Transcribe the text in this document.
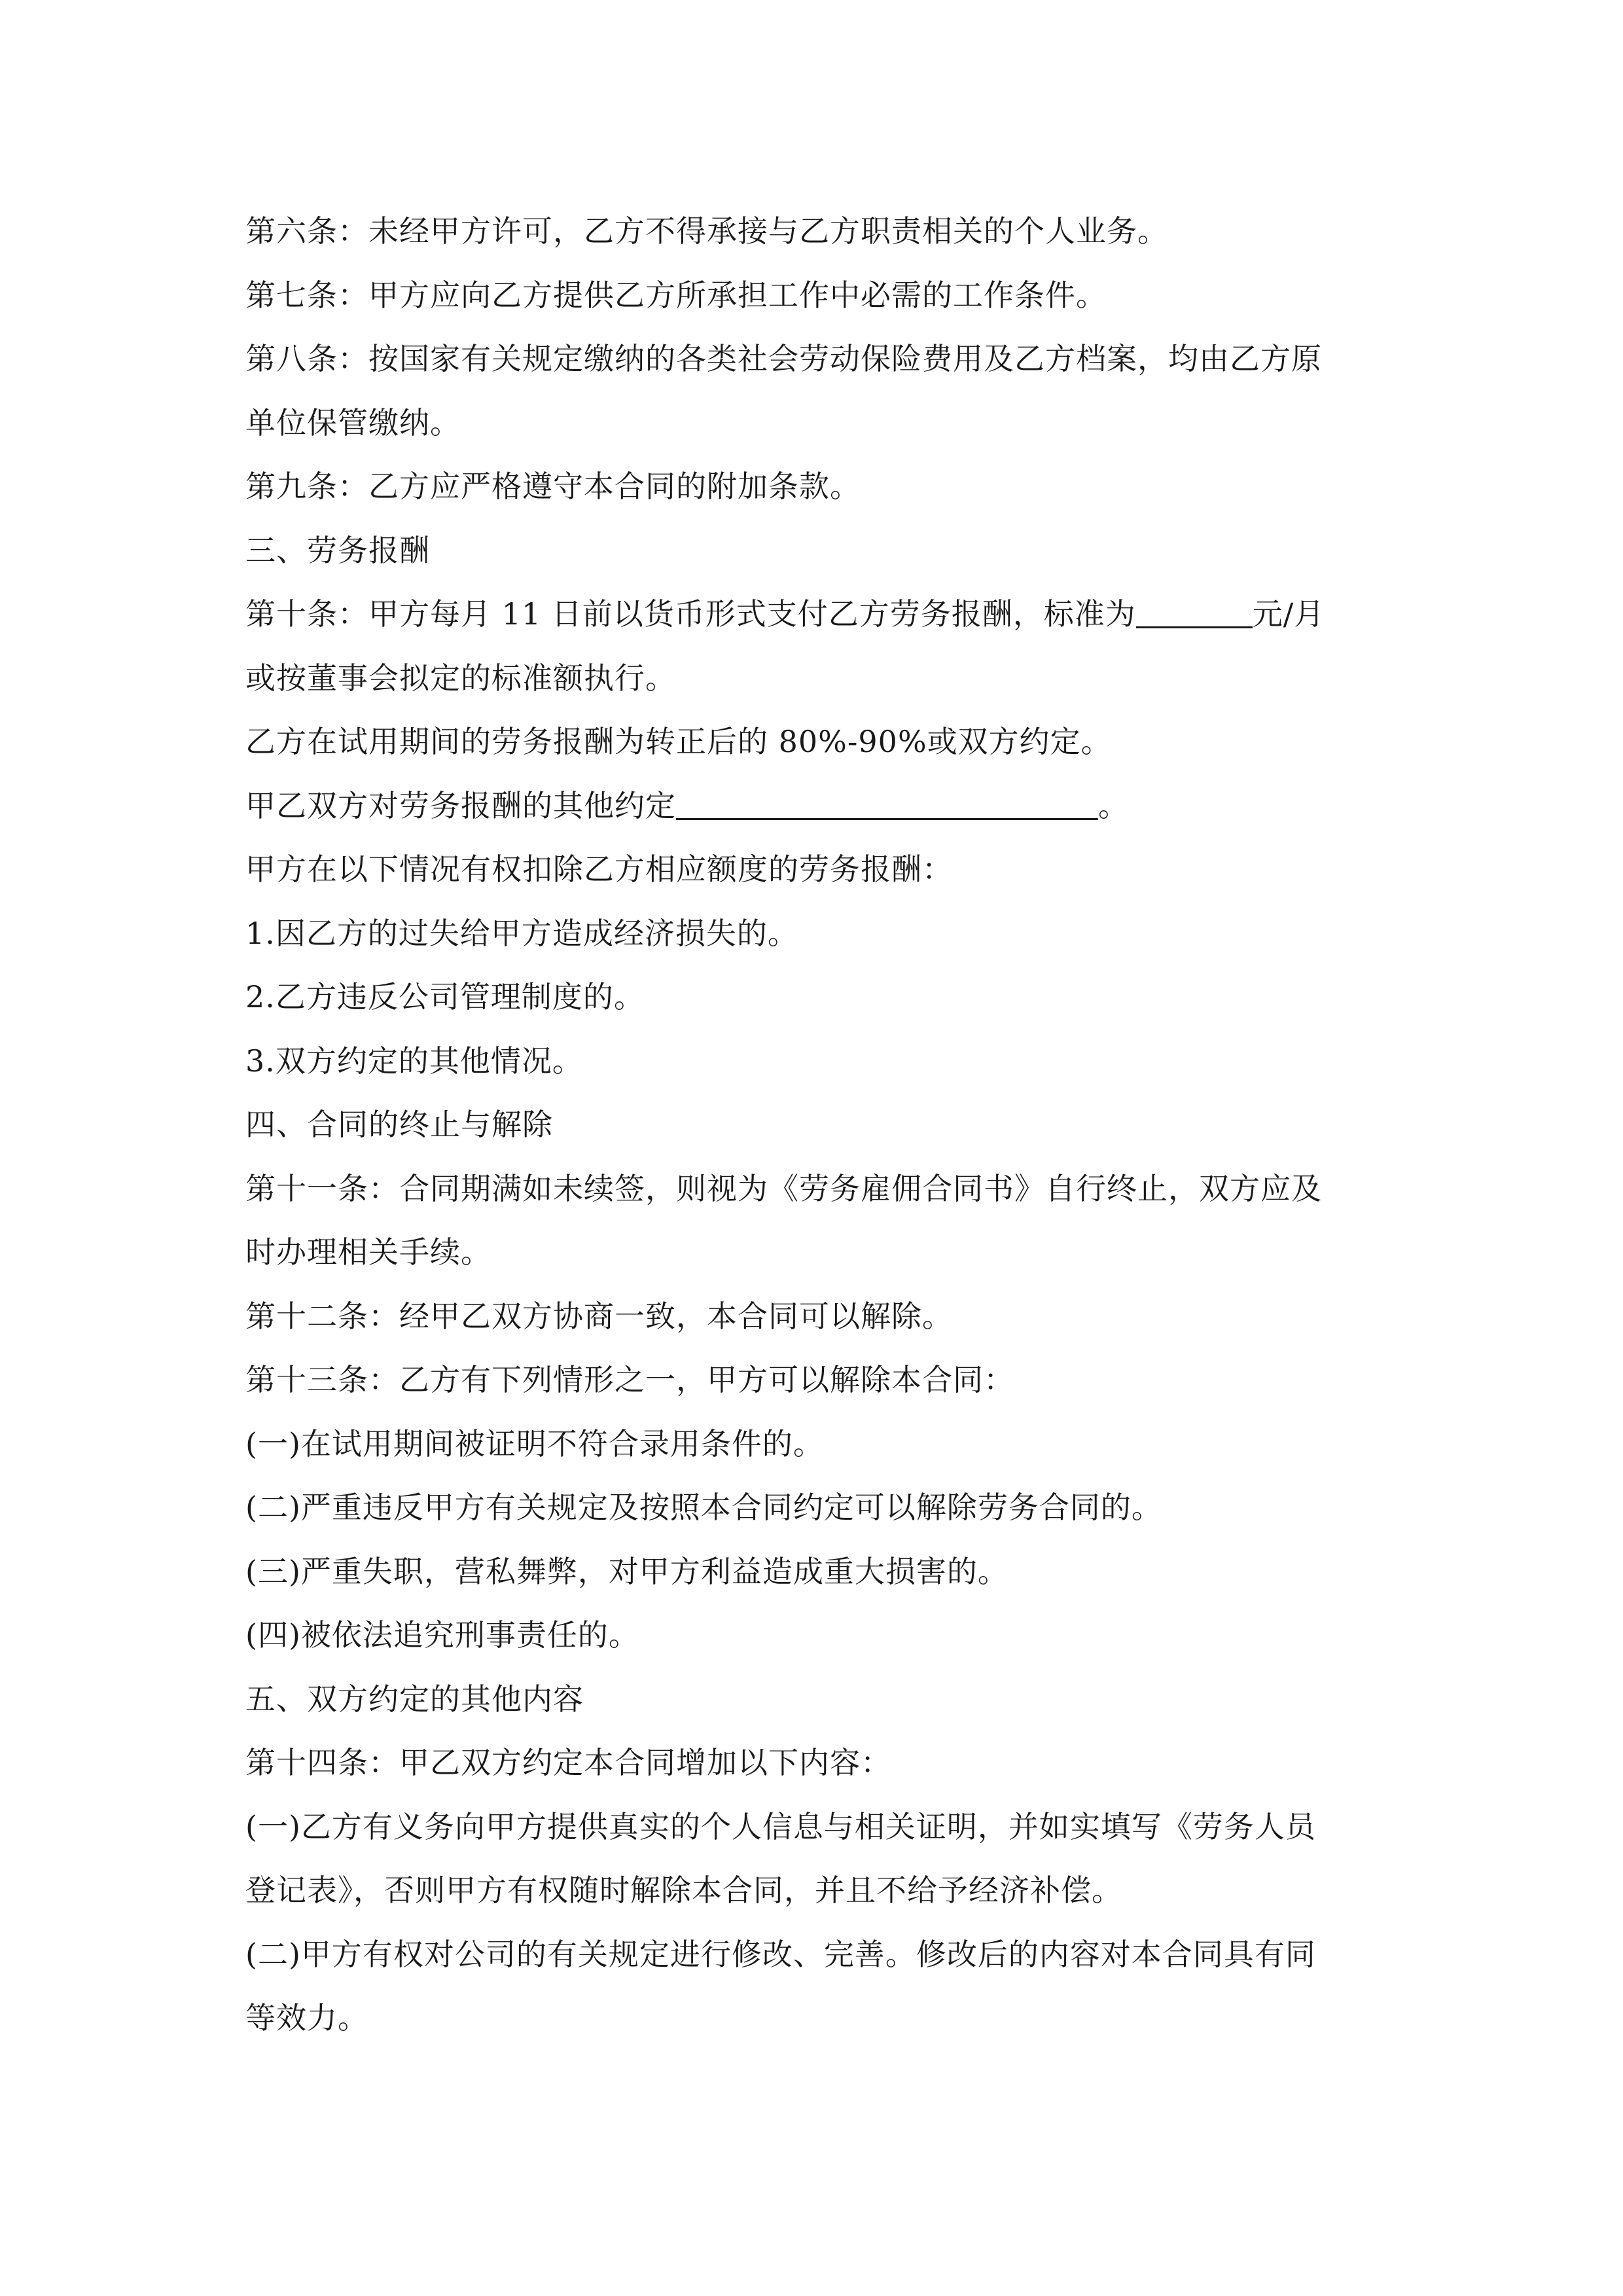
第六条：未经甲方许可，乙方不得承接与乙方职责相关的个人业务。
第七条：甲方应向乙方提供乙方所承担工作中必需的工作条件。
第八条：按国家有关规定缴纳的各类社会劳动保险费用及乙方档案，均由乙方原
单位保管缴纳。
第九条：乙方应严格遵守本合同的附加条款。
三、劳务报酬
第十条：甲方每月 11 日前以货币形式支付乙方劳务报酬，标准为	元/月
或按董事会拟定的标准额执行。
乙方在试用期间的劳务报酬为转正后的 80%-90%或双方约定。
甲乙双方对劳务报酬的其他约定	。
甲方在以下情况有权扣除乙方相应额度的劳务报酬：
1.因乙方的过失给甲方造成经济损失的。
2.乙方违反公司管理制度的。
3.双方约定的其他情况。
四、合同的终止与解除
第十一条：合同期满如未续签，则视为《劳务雇佣合同书》自行终止，双方应及
时办理相关手续。
第十二条：经甲乙双方协商一致，本合同可以解除。
第十三条：乙方有下列情形之一，甲方可以解除本合同：
(一)在试用期间被证明不符合录用条件的。
(二)严重违反甲方有关规定及按照本合同约定可以解除劳务合同的。
(三)严重失职，营私舞弊，对甲方利益造成重大损害的。
(四)被依法追究刑事责任的。
五、双方约定的其他内容
第十四条：甲乙双方约定本合同增加以下内容：
(一)乙方有义务向甲方提供真实的个人信息与相关证明，并如实填写《劳务人员
登记表》，否则甲方有权随时解除本合同，并且不给予经济补偿。
(二)甲方有权对公司的有关规定进行修改、完善。修改后的内容对本合同具有同
等效力。
